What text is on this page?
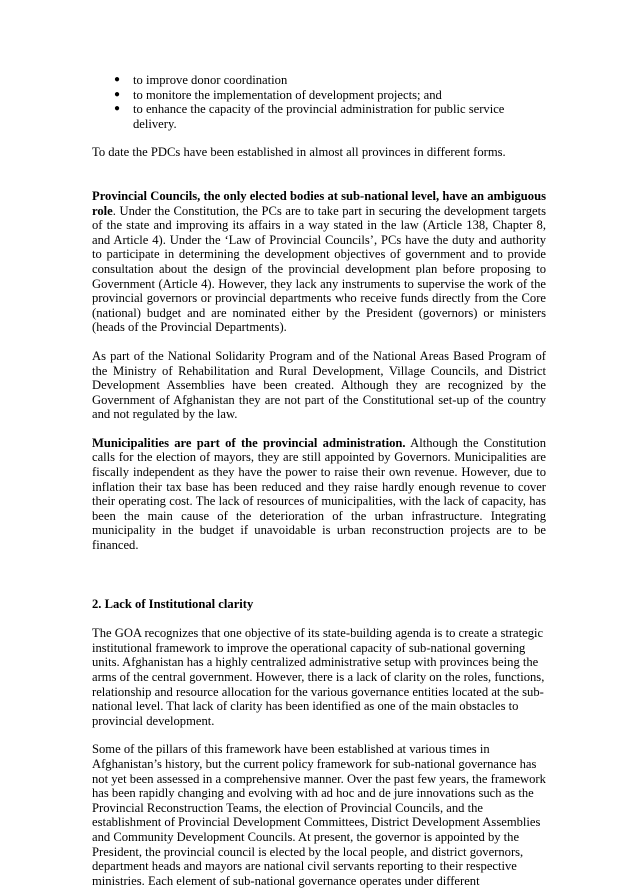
● to improve donor coordination
● to monitore the implementation of development projects; and
● to enhance the capacity of the provincial administration for public service delivery.

To date the PDCs have been established in almost all provinces in different forms.

Provincial Councils, the only elected bodies at sub-national level, have an ambiguous role. Under the Constitution, the PCs are to take part in securing the development targets of the state and improving its affairs in a way stated in the law (Article 138, Chapter 8, and Article 4). Under the ‘Law of Provincial Councils’, PCs have the duty and authority to participate in determining the development objectives of government and to provide consultation about the design of the provincial development plan before proposing to Government (Article 4). However, they lack any instruments to supervise the work of the provincial governors or provincial departments who receive funds directly from the Core (national) budget and are nominated either by the President (governors) or ministers (heads of the Provincial Departments).

As part of the National Solidarity Program and of the National Areas Based Program of the Ministry of Rehabilitation and Rural Development, Village Councils, and District Development Assemblies have been created. Although they are recognized by the Government of Afghanistan they are not part of the Constitutional set-up of the country and not regulated by the law.

Municipalities are part of the provincial administration. Although the Constitution calls for the election of mayors, they are still appointed by Governors. Municipalities are fiscally independent as they have the power to raise their own revenue. However, due to inflation their tax base has been reduced and they raise hardly enough revenue to cover their operating cost. The lack of resources of municipalities, with the lack of capacity, has been the main cause of the deterioration of the urban infrastructure. Integrating municipality in the budget if unavoidable is urban reconstruction projects are to be financed.

2. Lack of Institutional clarity

The GOA recognizes that one objective of its state-building agenda is to create a strategic institutional framework to improve the operational capacity of sub-national governing units. Afghanistan has a highly centralized administrative setup with provinces being the arms of the central government. However, there is a lack of clarity on the roles, functions, relationship and resource allocation for the various governance entities located at the sub-national level. That lack of clarity has been identified as one of the main obstacles to provincial development.

Some of the pillars of this framework have been established at various times in Afghanistan’s history, but the current policy framework for sub-national governance has not yet been assessed in a comprehensive manner. Over the past few years, the framework has been rapidly changing and evolving with ad hoc and de jure innovations such as the Provincial Reconstruction Teams, the election of Provincial Councils, and the establishment of Provincial Development Committees, District Development Assemblies and Community Development Councils. At present, the governor is appointed by the President, the provincial council is elected by the local people, and district governors, department heads and mayors are national civil servants reporting to their respective ministries. Each element of sub-national governance operates under different
